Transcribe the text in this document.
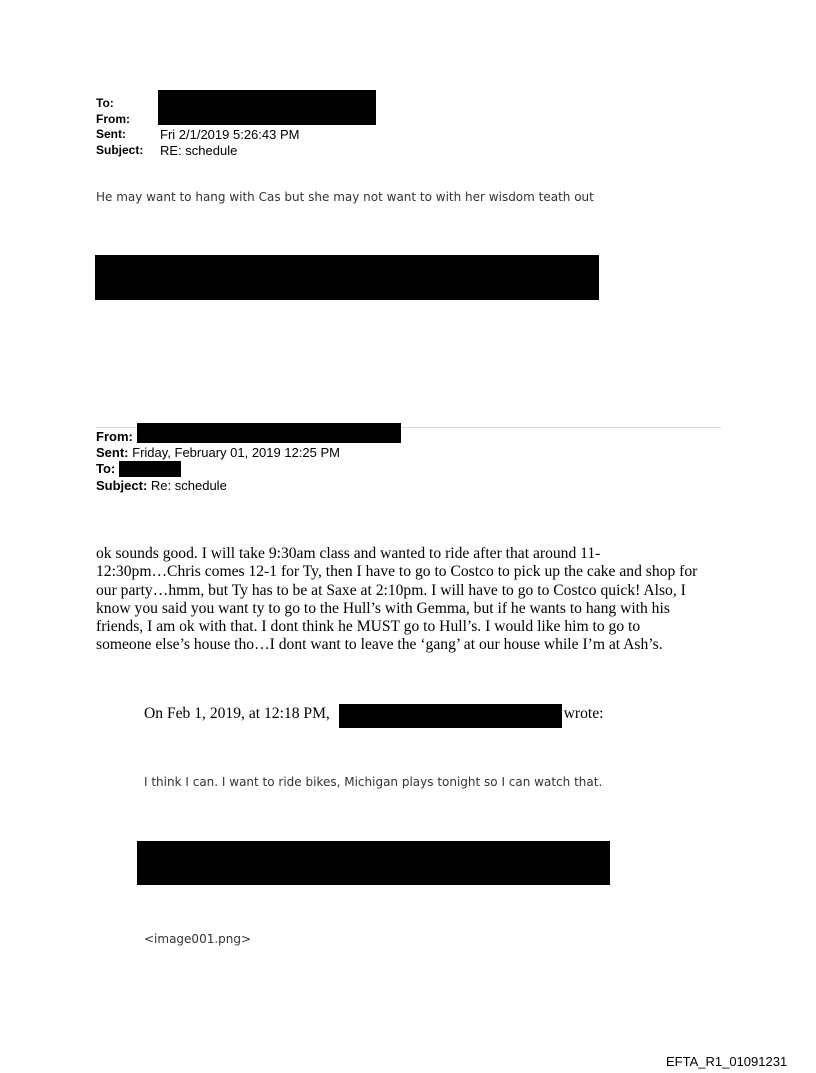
To:
From:
Sent:
Subject:
Fri 2/1/2019 5:26:43 PM
RE: schedule
He may want to hang with Cas but she may not want to with her wisdom teath out
From:
Sent: Friday, February 01, 2019 12:25 PM
To:
Subject: Re: schedule
ok sounds good. I will take 9:30am class and wanted to ride after that around 11-
12:30pm…Chris comes 12-1 for Ty, then I have to go to Costco to pick up the cake and shop for
our party…hmm, but Ty has to be at Saxe at 2:10pm. I will have to go to Costco quick! Also, I
know you said you want ty to go to the Hull’s with Gemma, but if he wants to hang with his
friends, I am ok with that. I dont think he MUST go to Hull’s. I would like him to go to
someone else’s house tho…I dont want to leave the ‘gang’ at our house while I’m at Ash’s.
On Feb 1, 2019, at 12:18 PM,	wrote:
I think I can. I want to ride bikes, Michigan plays tonight so I can watch that.
<image001.png>
EFTA_R1_01091231
